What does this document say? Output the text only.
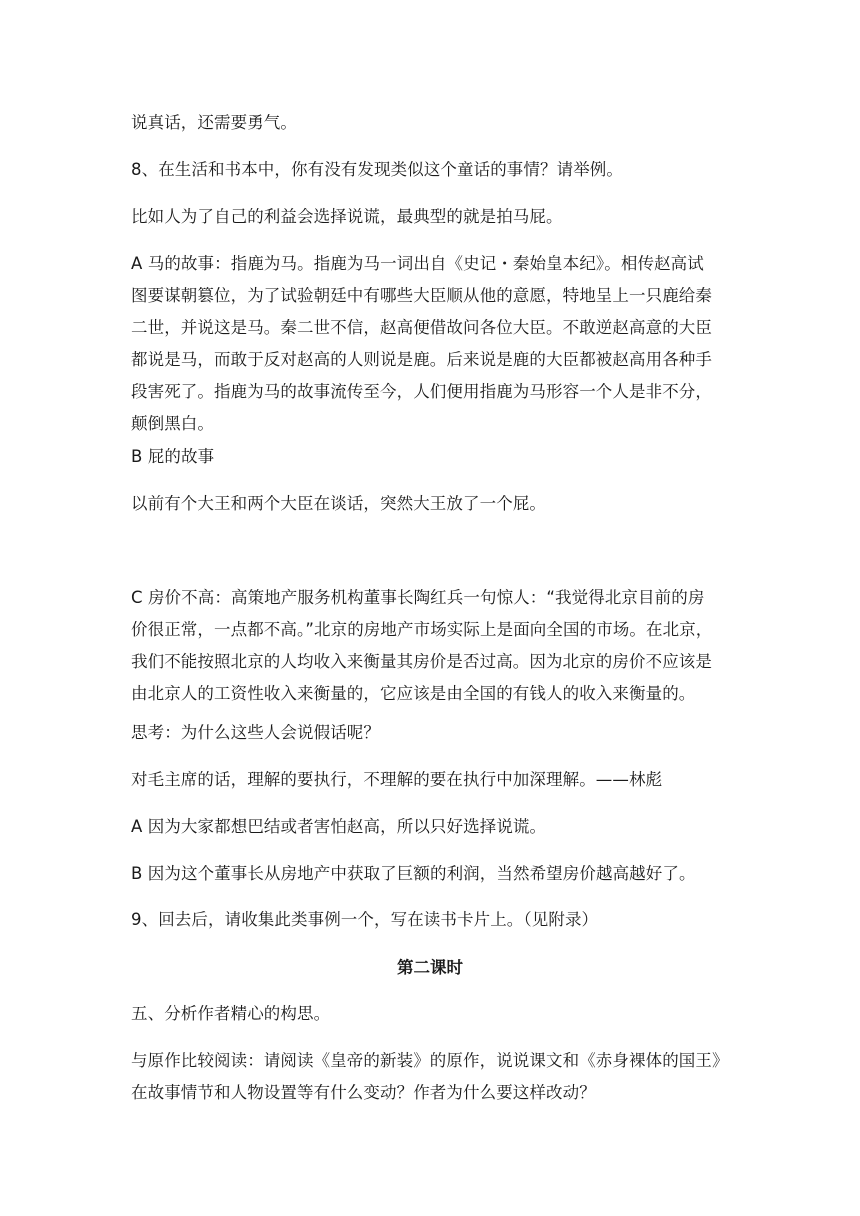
说真话，还需要勇气。
8、在生活和书本中，你有没有发现类似这个童话的事情？请举例。
比如人为了自己的利益会选择说谎，最典型的就是拍马屁。
A 马的故事：指鹿为马。指鹿为马一词出自《史记・秦始皇本纪》。相传赵高试
图要谋朝篡位，为了试验朝廷中有哪些大臣顺从他的意愿，特地呈上一只鹿给秦
二世，并说这是马。秦二世不信，赵高便借故问各位大臣。不敢逆赵高意的大臣
都说是马，而敢于反对赵高的人则说是鹿。后来说是鹿的大臣都被赵高用各种手
段害死了。指鹿为马的故事流传至今，人们便用指鹿为马形容一个人是非不分，
颠倒黑白。
B 屁的故事
以前有个大王和两个大臣在谈话，突然大王放了一个屁。
C 房价不高：高策地产服务机构董事长陶红兵一句惊人：“我觉得北京目前的房
价很正常，一点都不高。”北京的房地产市场实际上是面向全国的市场。在北京，
我们不能按照北京的人均收入来衡量其房价是否过高。因为北京的房价不应该是
由北京人的工资性收入来衡量的，它应该是由全国的有钱人的收入来衡量的。
思考：为什么这些人会说假话呢？
对毛主席的话，理解的要执行，不理解的要在执行中加深理解。——林彪
A 因为大家都想巴结或者害怕赵高，所以只好选择说谎。
B 因为这个董事长从房地产中获取了巨额的利润，当然希望房价越高越好了。
9、回去后，请收集此类事例一个，写在读书卡片上。（见附录）
第二课时
五、分析作者精心的构思。
与原作比较阅读：请阅读《皇帝的新装》的原作，说说课文和《赤身裸体的国王》
在故事情节和人物设置等有什么变动？作者为什么要这样改动？
